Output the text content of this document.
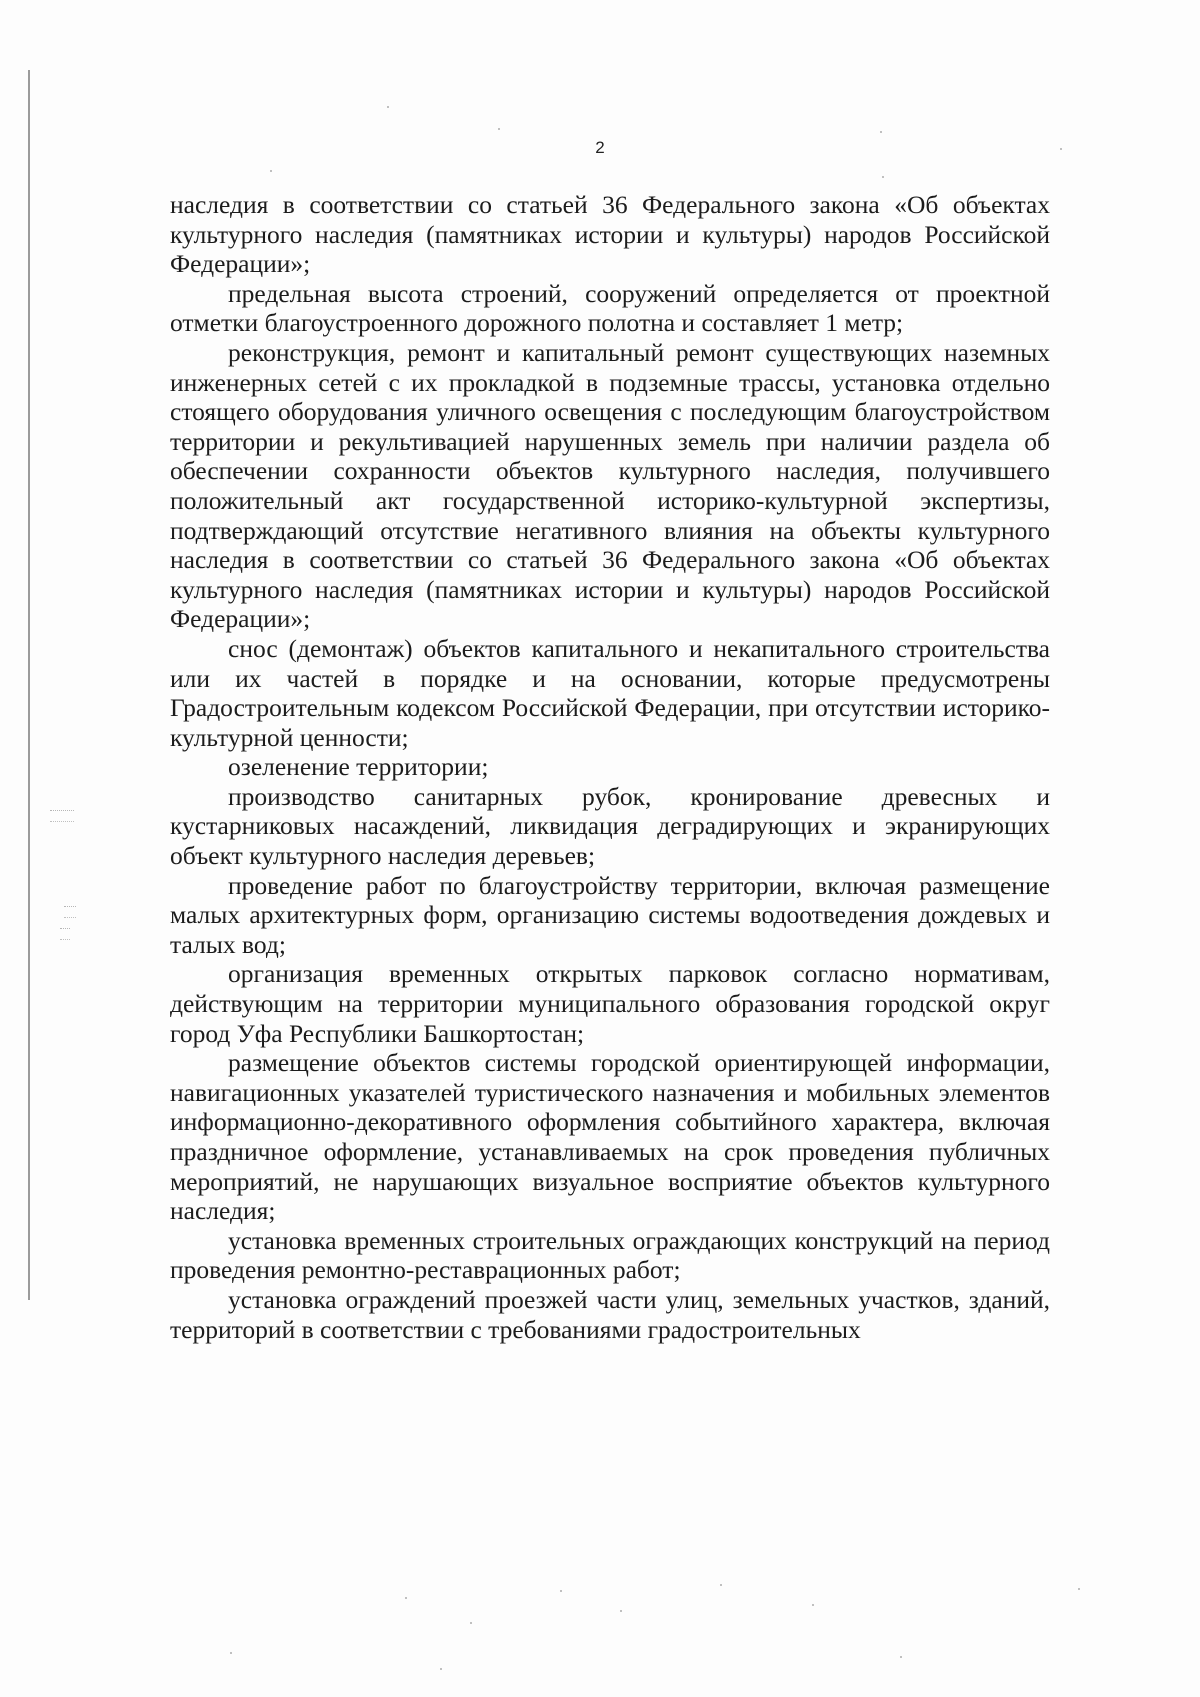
2

наследия в соответствии со статьей 36 Федерального закона «Об объектах культурного наследия (памятниках истории и культуры) народов Российской Федерации»;

предельная высота строений, сооружений определяется от проектной отметки благоустроенного дорожного полотна и составляет 1 метр;

реконструкция, ремонт и капитальный ремонт существующих наземных инженерных сетей с их прокладкой в подземные трассы, установка отдельно стоящего оборудования уличного освещения с последующим благоустройством территории и рекультивацией нарушенных земель при наличии раздела об обеспечении сохранности объектов культурного наследия, получившего положительный акт государственной историко-культурной экспертизы, подтверждающий отсутствие негативного влияния на объекты культурного наследия в соответствии со статьей 36 Федерального закона «Об объектах культурного наследия (памятниках истории и культуры) народов Российской Федерации»;

снос (демонтаж) объектов капитального и некапитального строительства или их частей в порядке и на основании, которые предусмотрены Градостроительным кодексом Российской Федерации, при отсутствии историко-культурной ценности;

озеленение территории;

производство санитарных рубок, кронирование древесных и кустарниковых насаждений, ликвидация деградирующих и экранирующих объект культурного наследия деревьев;

проведение работ по благоустройству территории, включая размещение малых архитектурных форм, организацию системы водоотведения дождевых и талых вод;

организация временных открытых парковок согласно нормативам, действующим на территории муниципального образования городской округ город Уфа Республики Башкортостан;

размещение объектов системы городской ориентирующей информации, навигационных указателей туристического назначения и мобильных элементов информационно-декоративного оформления событийного характера, включая праздничное оформление, устанавливаемых на срок проведения публичных мероприятий, не нарушающих визуальное восприятие объектов культурного наследия;

установка временных строительных ограждающих конструкций на период проведения ремонтно-реставрационных работ;

установка ограждений проезжей части улиц, земельных участков, зданий, территорий в соответствии с требованиями градостроительных
